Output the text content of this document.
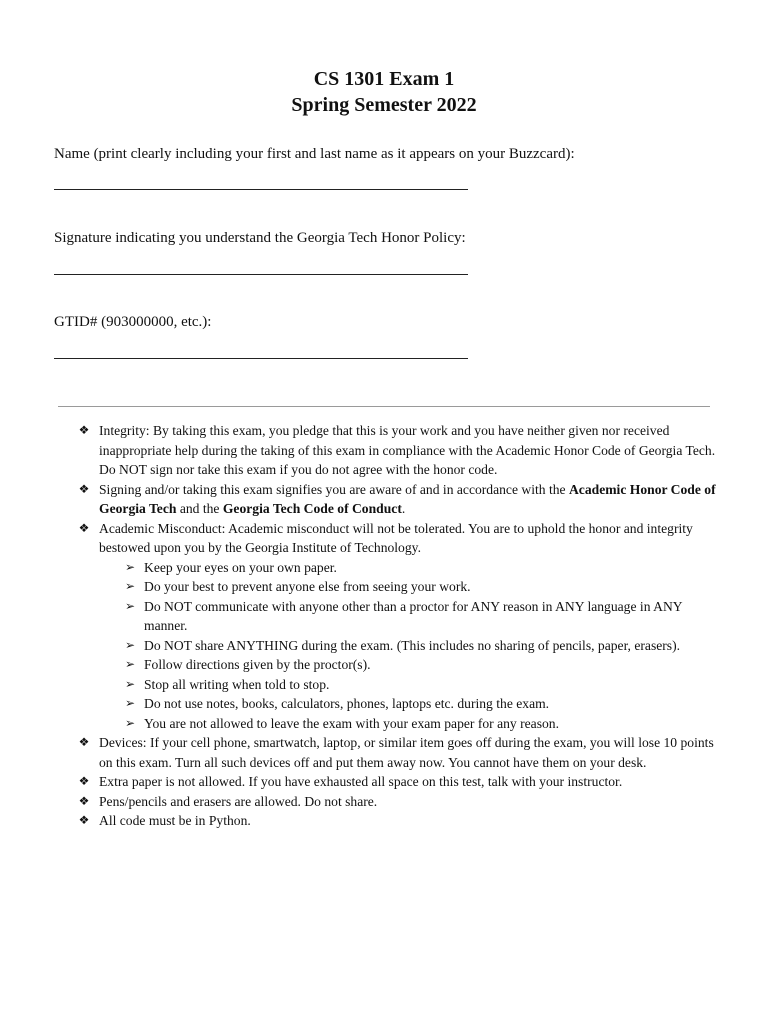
CS 1301 Exam 1
Spring Semester 2022
Name (print clearly including your first and last name as it appears on your Buzzcard):
Signature indicating you understand the Georgia Tech Honor Policy:
GTID# (903000000, etc.):
❖ Integrity: By taking this exam, you pledge that this is your work and you have neither given nor received inappropriate help during the taking of this exam in compliance with the Academic Honor Code of Georgia Tech. Do NOT sign nor take this exam if you do not agree with the honor code.
❖ Signing and/or taking this exam signifies you are aware of and in accordance with the Academic Honor Code of Georgia Tech and the Georgia Tech Code of Conduct.
❖ Academic Misconduct: Academic misconduct will not be tolerated. You are to uphold the honor and integrity bestowed upon you by the Georgia Institute of Technology.
➢ Keep your eyes on your own paper.
➢ Do your best to prevent anyone else from seeing your work.
➢ Do NOT communicate with anyone other than a proctor for ANY reason in ANY language in ANY manner.
➢ Do NOT share ANYTHING during the exam. (This includes no sharing of pencils, paper, erasers).
➢ Follow directions given by the proctor(s).
➢ Stop all writing when told to stop.
➢ Do not use notes, books, calculators, phones, laptops etc. during the exam.
➢ You are not allowed to leave the exam with your exam paper for any reason.
❖ Devices: If your cell phone, smartwatch, laptop, or similar item goes off during the exam, you will lose 10 points on this exam. Turn all such devices off and put them away now. You cannot have them on your desk.
❖ Extra paper is not allowed. If you have exhausted all space on this test, talk with your instructor.
❖ Pens/pencils and erasers are allowed. Do not share.
❖ All code must be in Python.
